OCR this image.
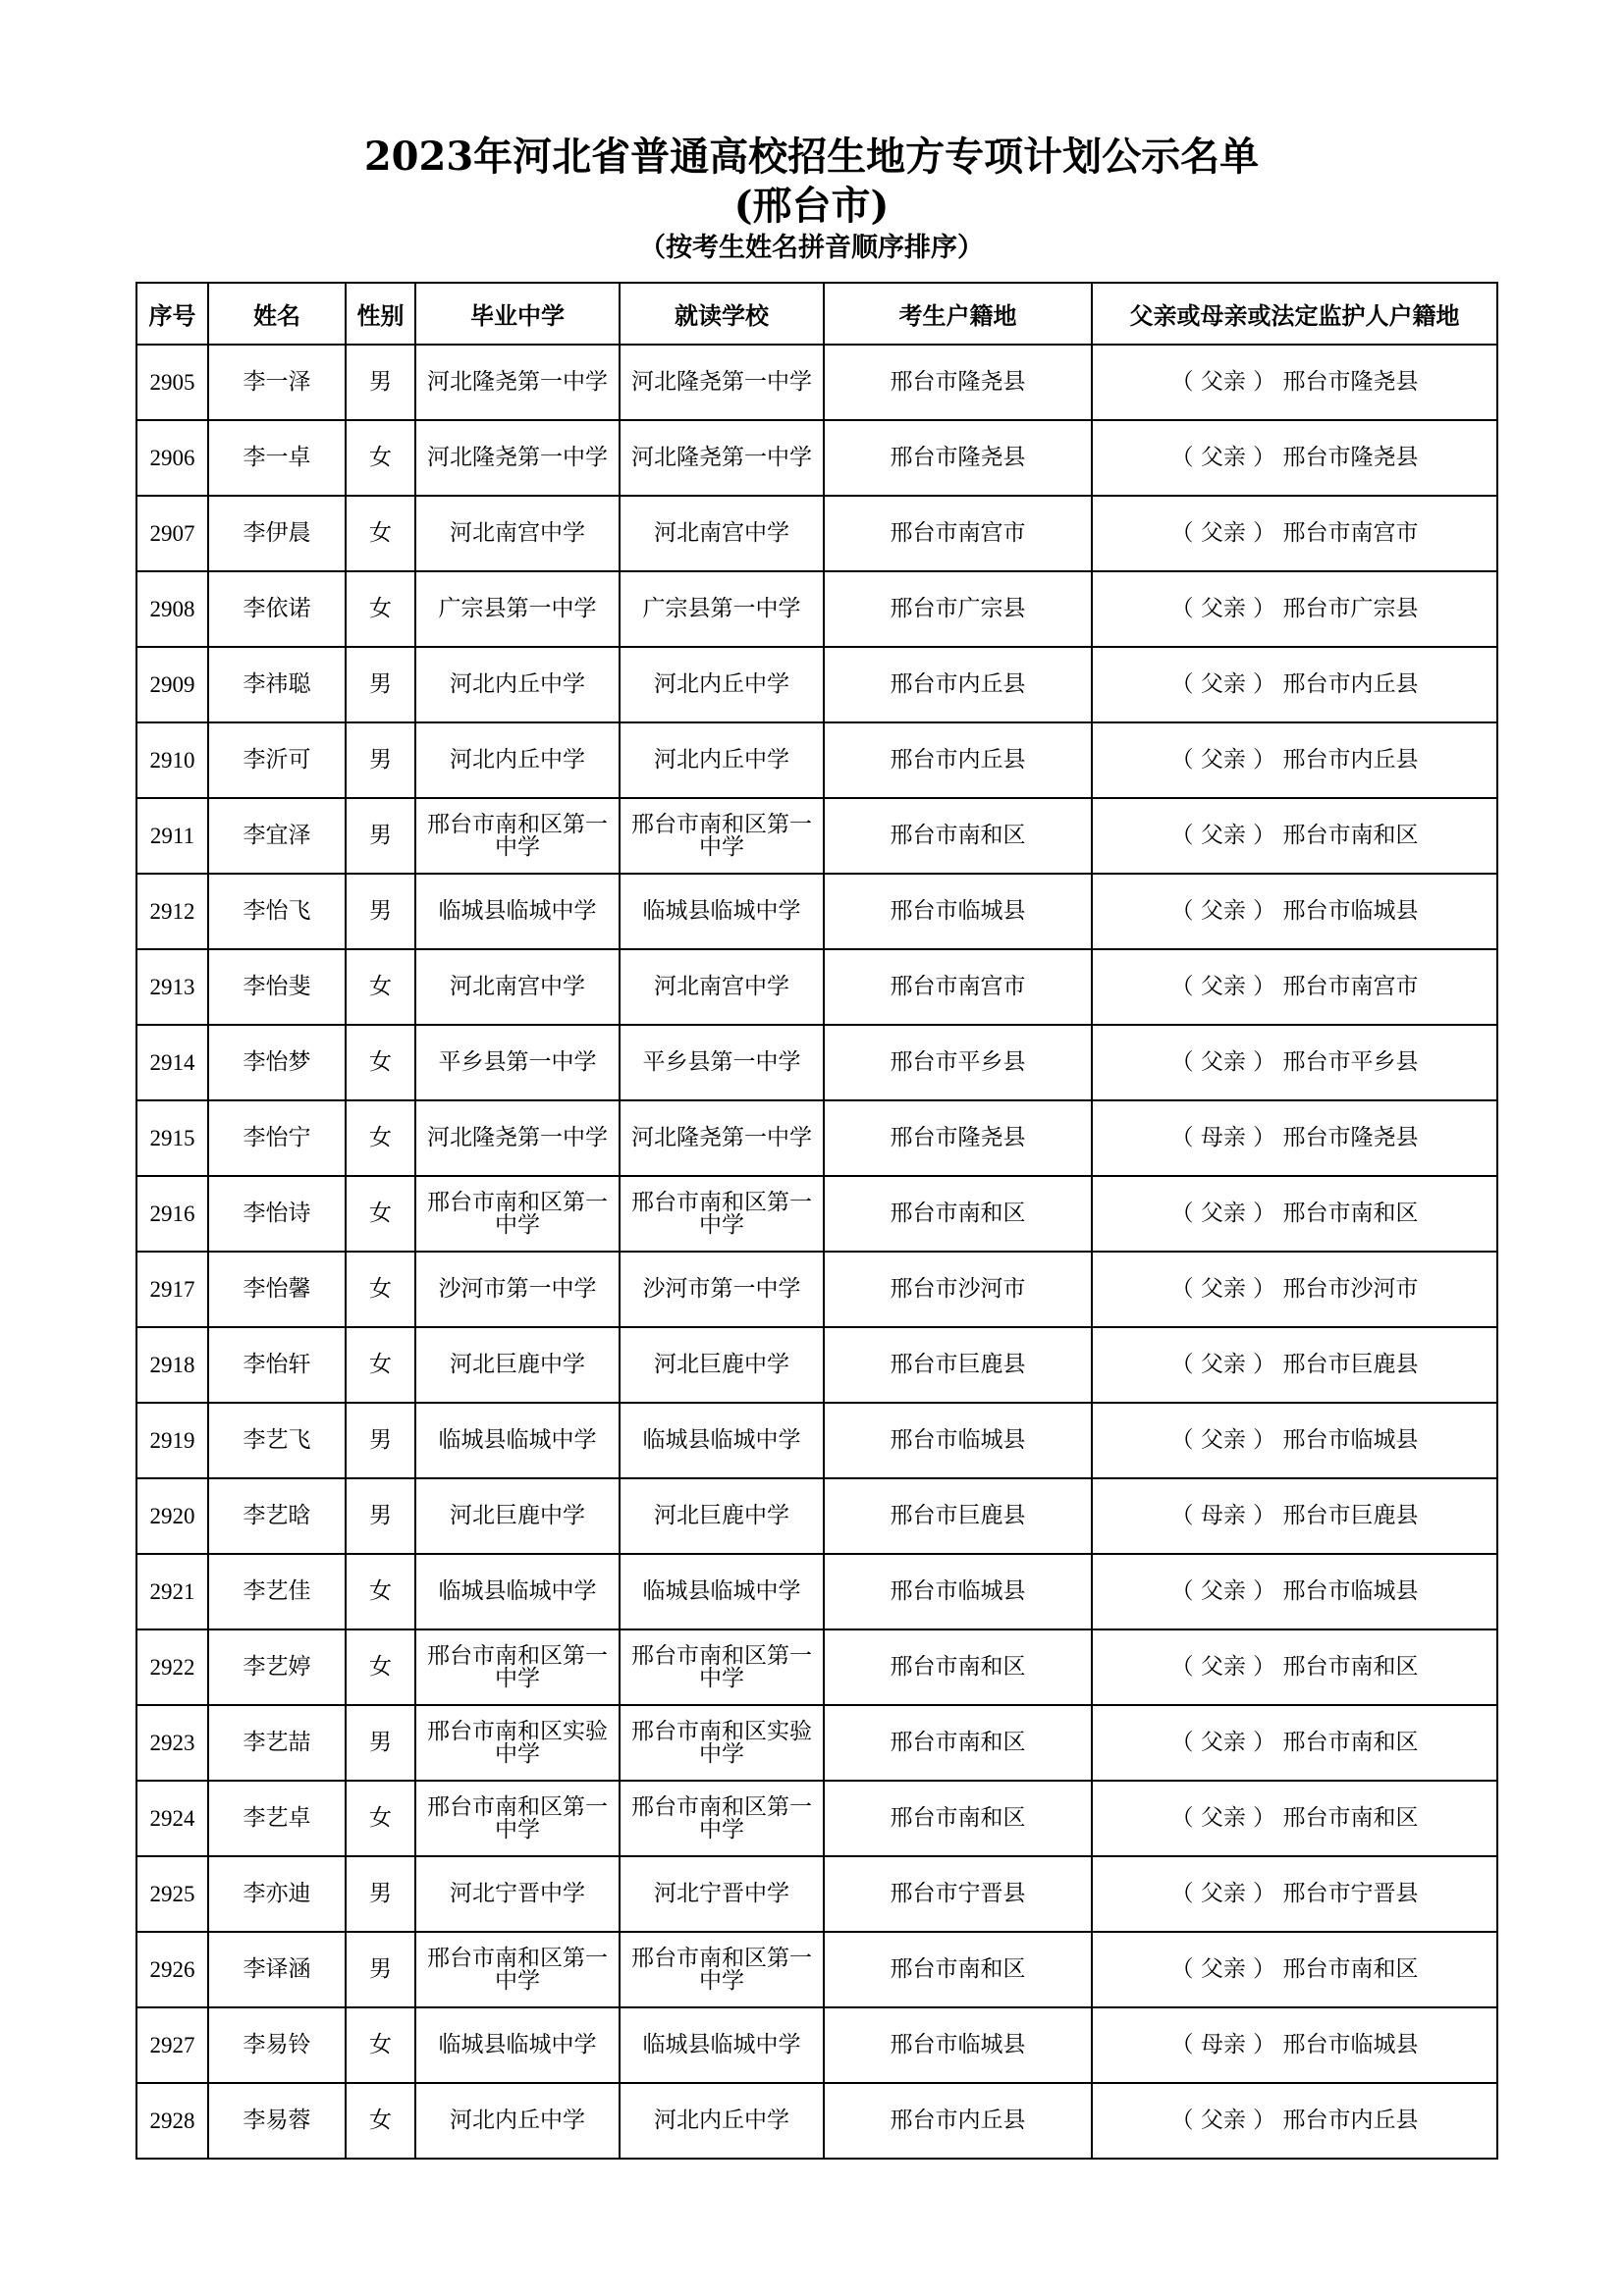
2023年河北省普通高校招生地方专项计划公示名单
(邢台市)
（按考生姓名拼音顺序排序）
序号	姓名	性别	毕业中学	就读学校	考生户籍地	父亲或母亲或法定监护人户籍地
2905	李一泽	男	河北隆尧第一中学	河北隆尧第一中学	邢台市隆尧县	（ 父亲 ） 邢台市隆尧县
2906	李一卓	女	河北隆尧第一中学	河北隆尧第一中学	邢台市隆尧县	（ 父亲 ） 邢台市隆尧县
2907	李伊晨	女	河北南宫中学	河北南宫中学	邢台市南宫市	（ 父亲 ） 邢台市南宫市
2908	李依诺	女	广宗县第一中学	广宗县第一中学	邢台市广宗县	（ 父亲 ） 邢台市广宗县
2909	李祎聪	男	河北内丘中学	河北内丘中学	邢台市内丘县	（ 父亲 ） 邢台市内丘县
2910	李沂可	男	河北内丘中学	河北内丘中学	邢台市内丘县	（ 父亲 ） 邢台市内丘县
2911	李宜泽	男	邢台市南和区第一中学	邢台市南和区第一中学	邢台市南和区	（ 父亲 ） 邢台市南和区
2912	李怡飞	男	临城县临城中学	临城县临城中学	邢台市临城县	（ 父亲 ） 邢台市临城县
2913	李怡斐	女	河北南宫中学	河北南宫中学	邢台市南宫市	（ 父亲 ） 邢台市南宫市
2914	李怡梦	女	平乡县第一中学	平乡县第一中学	邢台市平乡县	（ 父亲 ） 邢台市平乡县
2915	李怡宁	女	河北隆尧第一中学	河北隆尧第一中学	邢台市隆尧县	（ 母亲 ） 邢台市隆尧县
2916	李怡诗	女	邢台市南和区第一中学	邢台市南和区第一中学	邢台市南和区	（ 父亲 ） 邢台市南和区
2917	李怡馨	女	沙河市第一中学	沙河市第一中学	邢台市沙河市	（ 父亲 ） 邢台市沙河市
2918	李怡轩	女	河北巨鹿中学	河北巨鹿中学	邢台市巨鹿县	（ 父亲 ） 邢台市巨鹿县
2919	李艺飞	男	临城县临城中学	临城县临城中学	邢台市临城县	（ 父亲 ） 邢台市临城县
2920	李艺晗	男	河北巨鹿中学	河北巨鹿中学	邢台市巨鹿县	（ 母亲 ） 邢台市巨鹿县
2921	李艺佳	女	临城县临城中学	临城县临城中学	邢台市临城县	（ 父亲 ） 邢台市临城县
2922	李艺婷	女	邢台市南和区第一中学	邢台市南和区第一中学	邢台市南和区	（ 父亲 ） 邢台市南和区
2923	李艺喆	男	邢台市南和区实验中学	邢台市南和区实验中学	邢台市南和区	（ 父亲 ） 邢台市南和区
2924	李艺卓	女	邢台市南和区第一中学	邢台市南和区第一中学	邢台市南和区	（ 父亲 ） 邢台市南和区
2925	李亦迪	男	河北宁晋中学	河北宁晋中学	邢台市宁晋县	（ 父亲 ） 邢台市宁晋县
2926	李译涵	男	邢台市南和区第一中学	邢台市南和区第一中学	邢台市南和区	（ 父亲 ） 邢台市南和区
2927	李易铃	女	临城县临城中学	临城县临城中学	邢台市临城县	（ 母亲 ） 邢台市临城县
2928	李易蓉	女	河北内丘中学	河北内丘中学	邢台市内丘县	（ 父亲 ） 邢台市内丘县
